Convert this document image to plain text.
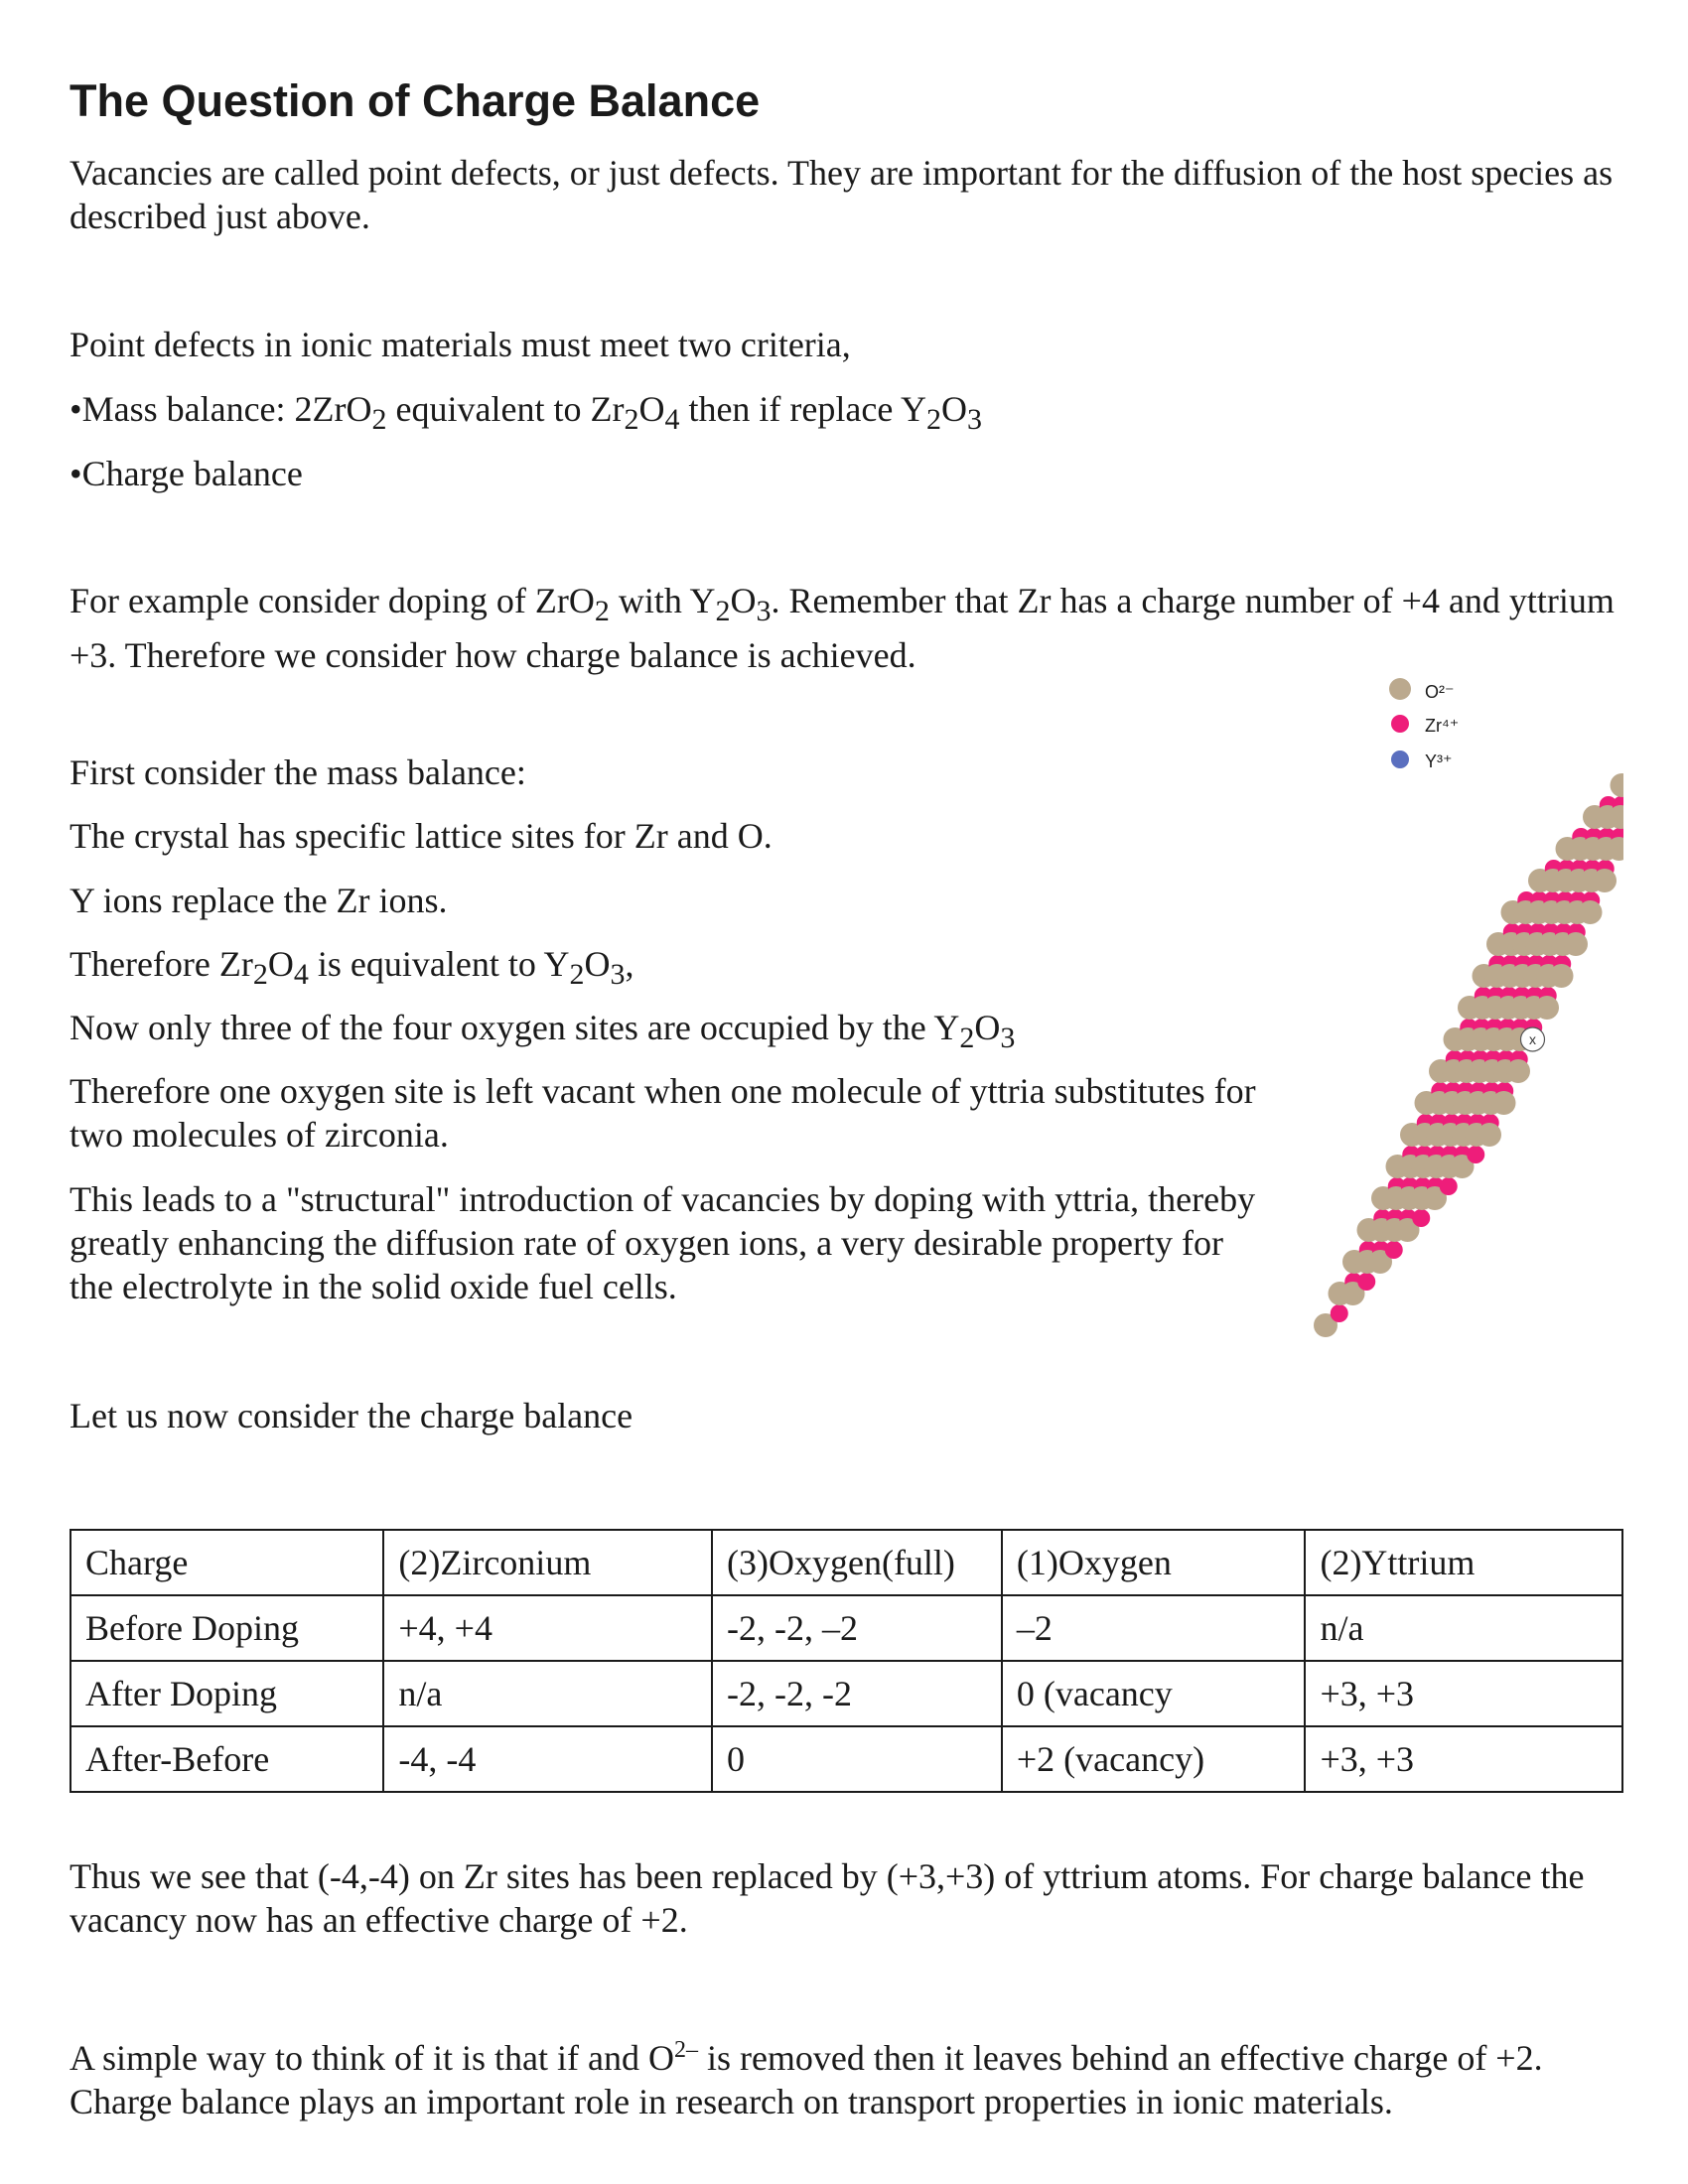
The Question of Charge Balance

Vacancies are called point defects, or just defects. They are important for the diffusion of the host species as described just above.

Point defects in ionic materials must meet two criteria,

•Mass balance: 2ZrO$_2$ equivalent to $Zr_2O_4$ then if replace $Y_2O_3$

•Charge balance

For example consider doping of ZrO$_2$ with $Y_2O_3$. Remember that Zr has a charge number of +4 and yttrium +3. Therefore we consider how charge balance is achieved.

First consider the mass balance:

The crystal has specific lattice sites for Zr and O.

Y ions replace the Zr ions.

Therefore $Zr_2O_4$ is equivalent to $Y_2O_3$,

Now only three of the four oxygen sites are occupied by the $Y_2O_3$

Therefore one oxygen site is left vacant when one molecule of yttria substitutes for two molecules of zirconia.

This leads to a "structural" introduction of vacancies by doping with yttria, thereby greatly enhancing the diffusion rate of oxygen ions, a very desirable property for the electrolyte in the solid oxide fuel cells.

Let us now consider the charge balance

O²⁻
Zr⁴⁺
Y³⁺
x
Charge	(2)Zirconium	(3)Oxygen(full)	(1)Oxygen	(2)Yttrium
Before Doping	+4, +4	-2, -2, –2	–2	n/a
After Doping	n/a	-2, -2, -2	0 (vacancy	+3, +3
After-Before	-4, -4	0	+2 (vacancy)	+3, +3

Thus we see that (-4,-4) on Zr sites has been replaced by (+3,+3) of yttrium atoms. For charge balance the vacancy now has an effective charge of +2.

A simple way to think of it is that if and $O^{2-}$ is removed then it leaves behind an effective charge of +2. Charge balance plays an important role in research on transport properties in ionic materials.
